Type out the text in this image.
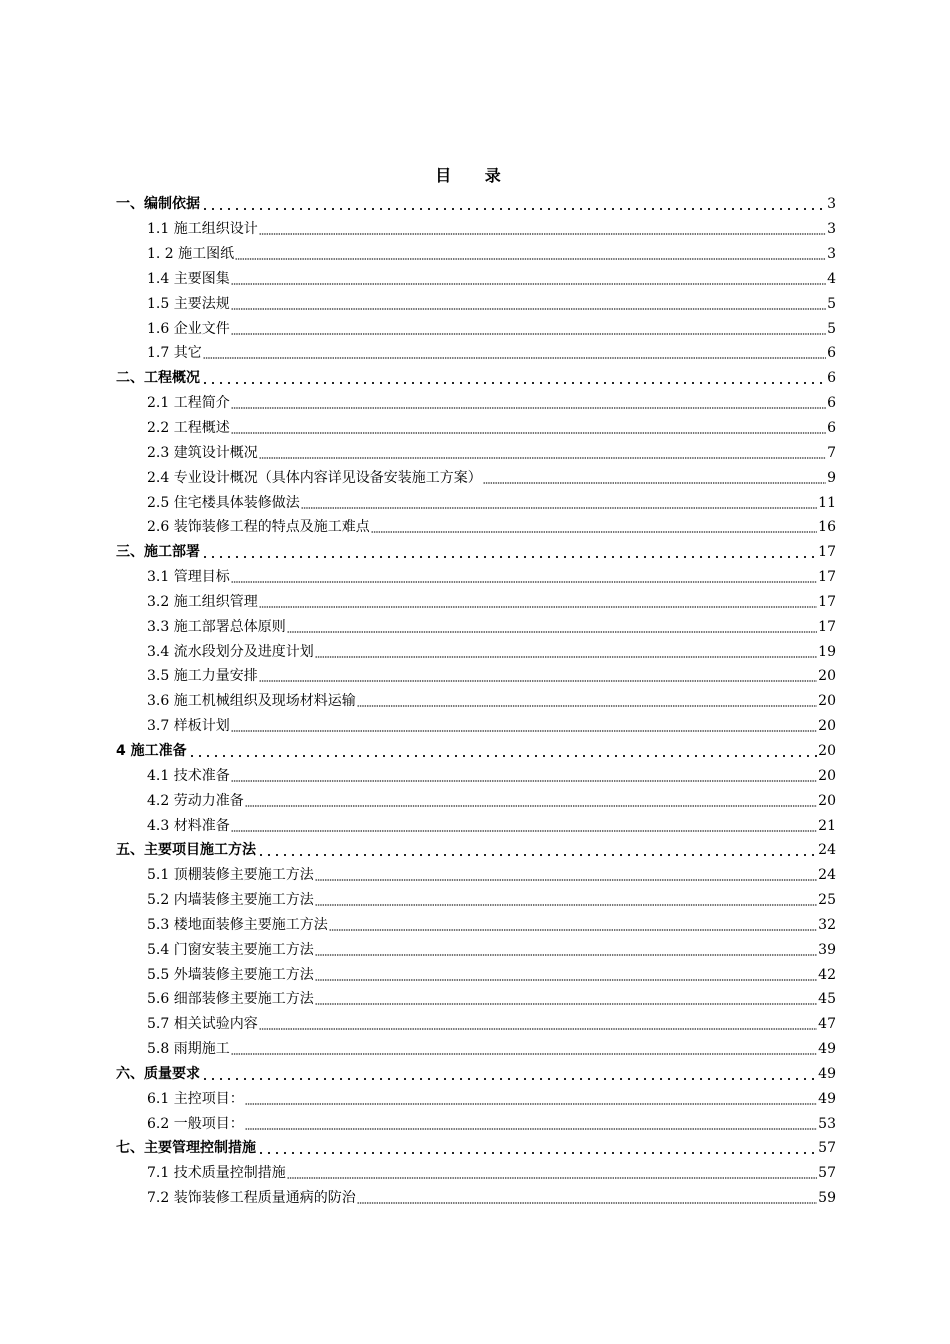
目 录
一、编制依据	3
1.1 施工组织设计	3
1. 2 施工图纸	3
1.4 主要图集	4
1.5 主要法规	5
1.6 企业文件	5
1.7 其它	6
二、工程概况	6
2.1 工程简介	6
2.2 工程概述	6
2.3 建筑设计概况	7
2.4 专业设计概况（具体内容详见设备安装施工方案）	9
2.5 住宅楼具体装修做法	11
2.6 装饰装修工程的特点及施工难点	16
三、施工部署	17
3.1 管理目标	17
3.2 施工组织管理	17
3.3 施工部署总体原则	17
3.4 流水段划分及进度计划	19
3.5 施工力量安排	20
3.6 施工机械组织及现场材料运输	20
3.7 样板计划	20
4 施工准备	20
4.1 技术准备	20
4.2 劳动力准备	20
4.3 材料准备	21
五、主要项目施工方法	24
5.1 顶棚装修主要施工方法	24
5.2 内墙装修主要施工方法	25
5.3 楼地面装修主要施工方法	32
5.4 门窗安装主要施工方法	39
5.5 外墙装修主要施工方法	42
5.6 细部装修主要施工方法	45
5.7 相关试验内容	47
5.8 雨期施工	49
六、质量要求	49
6.1 主控项目：	49
6.2 一般项目：	53
七、主要管理控制措施	57
7.1 技术质量控制措施	57
7.2 装饰装修工程质量通病的防治	59
